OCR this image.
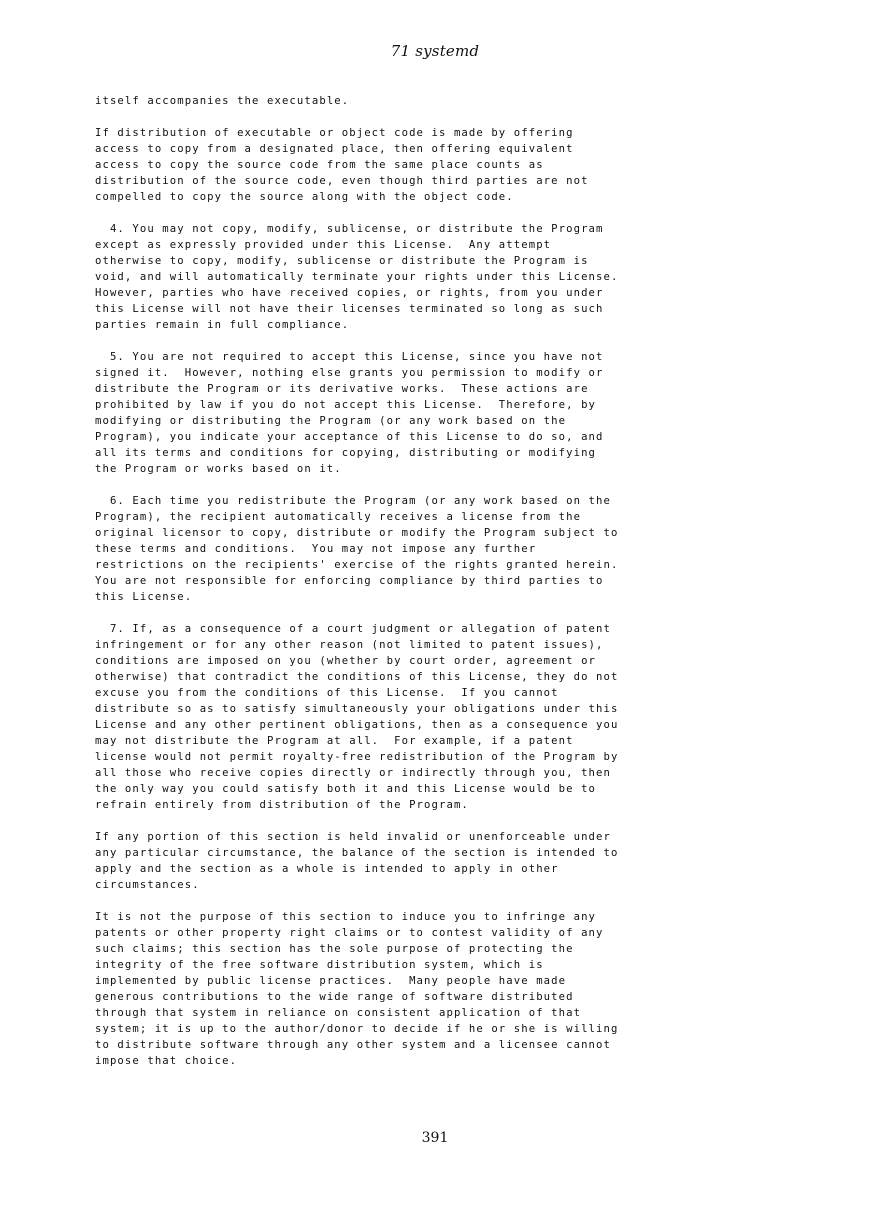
71 systemd
itself accompanies the executable.
If distribution of executable or object code is made by offering
access to copy from a designated place, then offering equivalent
access to copy the source code from the same place counts as
distribution of the source code, even though third parties are not
compelled to copy the source along with the object code.
4. You may not copy, modify, sublicense, or distribute the Program
except as expressly provided under this License.  Any attempt
otherwise to copy, modify, sublicense or distribute the Program is
void, and will automatically terminate your rights under this License.
However, parties who have received copies, or rights, from you under
this License will not have their licenses terminated so long as such
parties remain in full compliance.
5. You are not required to accept this License, since you have not
signed it.  However, nothing else grants you permission to modify or
distribute the Program or its derivative works.  These actions are
prohibited by law if you do not accept this License.  Therefore, by
modifying or distributing the Program (or any work based on the
Program), you indicate your acceptance of this License to do so, and
all its terms and conditions for copying, distributing or modifying
the Program or works based on it.
6. Each time you redistribute the Program (or any work based on the
Program), the recipient automatically receives a license from the
original licensor to copy, distribute or modify the Program subject to
these terms and conditions.  You may not impose any further
restrictions on the recipients' exercise of the rights granted herein.
You are not responsible for enforcing compliance by third parties to
this License.
7. If, as a consequence of a court judgment or allegation of patent
infringement or for any other reason (not limited to patent issues),
conditions are imposed on you (whether by court order, agreement or
otherwise) that contradict the conditions of this License, they do not
excuse you from the conditions of this License.  If you cannot
distribute so as to satisfy simultaneously your obligations under this
License and any other pertinent obligations, then as a consequence you
may not distribute the Program at all.  For example, if a patent
license would not permit royalty-free redistribution of the Program by
all those who receive copies directly or indirectly through you, then
the only way you could satisfy both it and this License would be to
refrain entirely from distribution of the Program.
If any portion of this section is held invalid or unenforceable under
any particular circumstance, the balance of the section is intended to
apply and the section as a whole is intended to apply in other
circumstances.
It is not the purpose of this section to induce you to infringe any
patents or other property right claims or to contest validity of any
such claims; this section has the sole purpose of protecting the
integrity of the free software distribution system, which is
implemented by public license practices.  Many people have made
generous contributions to the wide range of software distributed
through that system in reliance on consistent application of that
system; it is up to the author/donor to decide if he or she is willing
to distribute software through any other system and a licensee cannot
impose that choice.
391
